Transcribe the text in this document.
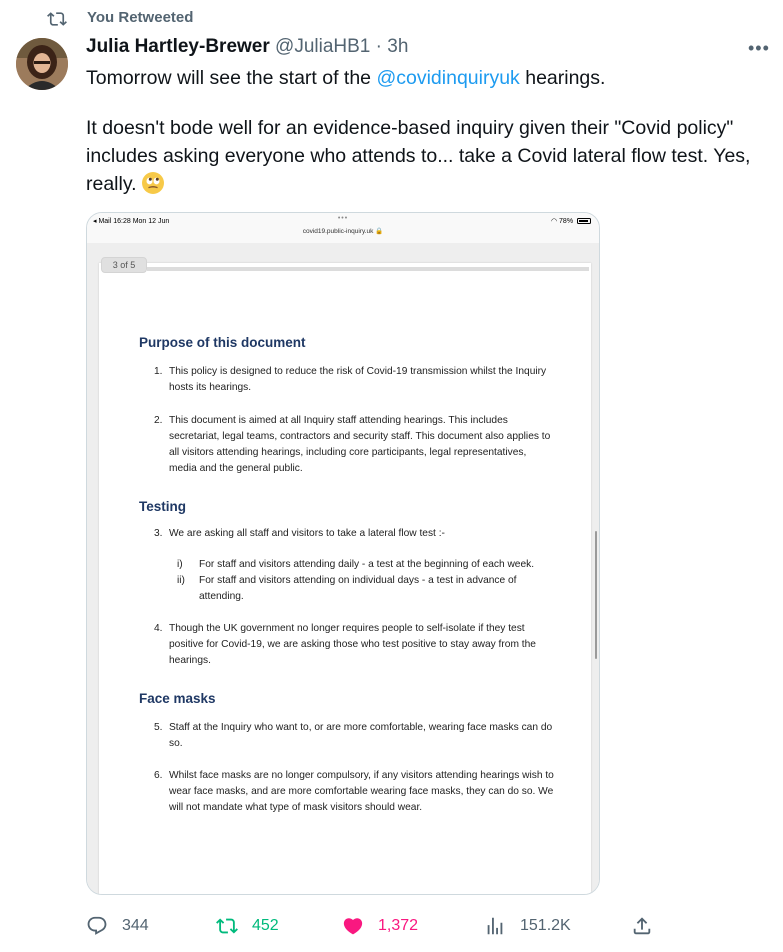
You Retweeted
Julia Hartley-Brewer @JuliaHB1 · 3h	•••

Tomorrow will see the start of the @covidinquiryuk hearings.

It doesn't bode well for an evidence-based inquiry given their "Covid policy" includes asking everyone who attends to... take a Covid lateral flow test. Yes, really.

◂ Mail 16:28 Mon 12 Jun	•••
covid19.public-inquiry.uk 🔒
◠ 78%
Purpose of this document
1. This policy is designed to reduce the risk of Covid-19 transmission whilst the Inquiry hosts its hearings.
2. This document is aimed at all Inquiry staff attending hearings. This includes secretariat, legal teams, contractors and security staff. This document also applies to all visitors attending hearings, including core participants, legal representatives, media and the general public.
Testing
3. We are asking all staff and visitors to take a lateral flow test :-
i) For staff and visitors attending daily - a test at the beginning of each week.
ii) For staff and visitors attending on individual days - a test in advance of attending.
4. Though the UK government no longer requires people to self-isolate if they test positive for Covid-19, we are asking those who test positive to stay away from the hearings.
Face masks
5. Staff at the Inquiry who want to, or are more comfortable, wearing face masks can do so.
6. Whilst face masks are no longer compulsory, if any visitors attending hearings wish to wear face masks, and are more comfortable wearing face masks, they can do so. We will not mandate what type of mask visitors should wear.
3 of 5
344	452	1,372	151.2K
